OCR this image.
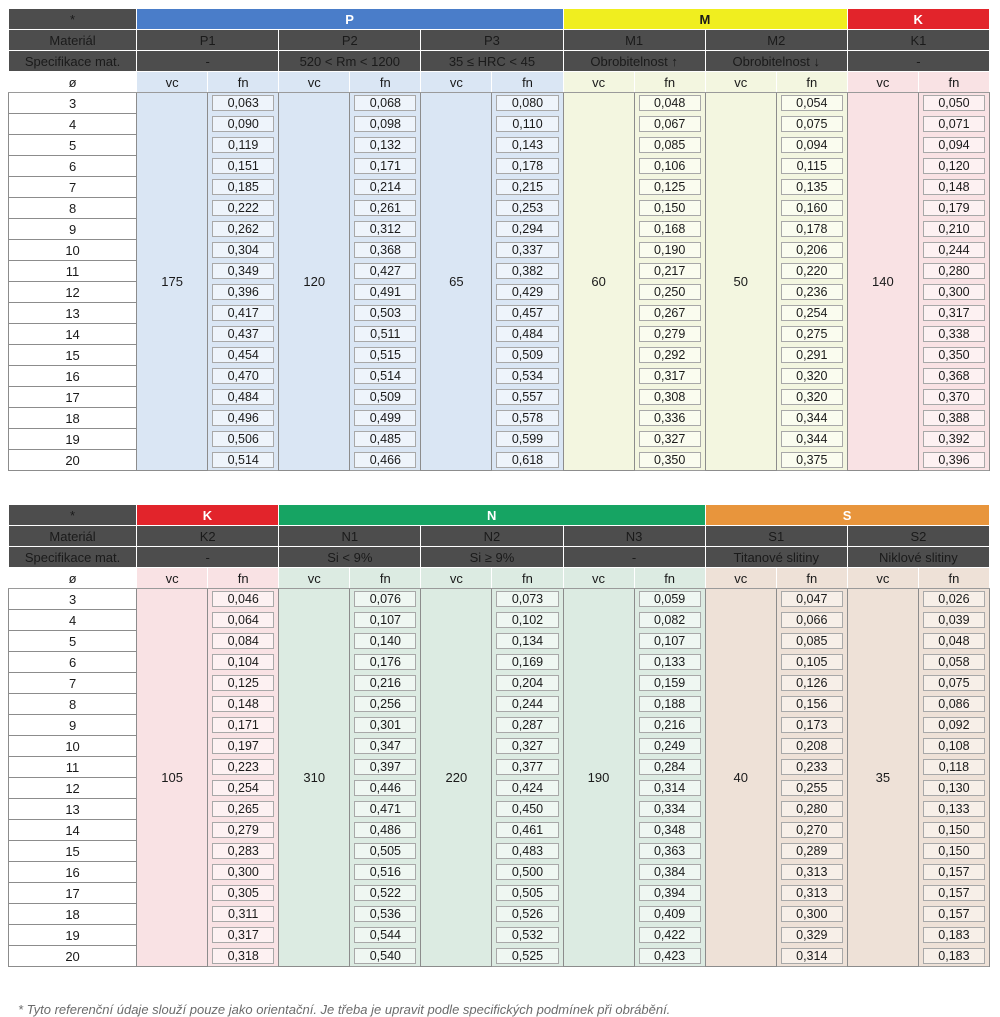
*	P						M				K	
Materiál	P1		P2		P3		M1		M2		K1	
Specifikace mat.	-		520 < Rm < 1200		35 ≤ HRC < 45		Obrobitelnost ↑		Obrobitelnost ↓		-	
ø	vc	fn	vc	fn	vc	fn	vc	fn	vc	fn	vc	fn
3	175	0,063	120	0,068	65	0,080	60	0,048	50	0,054	140	0,050

4		0,090		0,098		0,110		0,067		0,075		0,071

5		0,119		0,132		0,143		0,085		0,094		0,094

6		0,151		0,171		0,178		0,106		0,115		0,120

7		0,185		0,214		0,215		0,125		0,135		0,148

8		0,222		0,261		0,253		0,150		0,160		0,179

9		0,262		0,312		0,294		0,168		0,178		0,210

10		0,304		0,368		0,337		0,190		0,206		0,244

11		0,349		0,427		0,382		0,217		0,220		0,280

12		0,396		0,491		0,429		0,250		0,236		0,300

13		0,417		0,503		0,457		0,267		0,254		0,317

14		0,437		0,511		0,484		0,279		0,275		0,338

15		0,454		0,515		0,509		0,292		0,291		0,350

16		0,470		0,514		0,534		0,317		0,320		0,368

17		0,484		0,509		0,557		0,308		0,320		0,370

18		0,496		0,499		0,578		0,336		0,344		0,388

19		0,506		0,485		0,599		0,327		0,344		0,392

20		0,514		0,466		0,618		0,350		0,375		0,396
*	K		N						S			
Materiál	K2		N1		N2		N3		S1		S2	
Specifikace mat.	-		Si < 9%		Si ≥ 9%		-		Titanové slitiny		Niklové slitiny	
ø	vc	fn	vc	fn	vc	fn	vc	fn	vc	fn	vc	fn
3	105	0,046	310	0,076	220	0,073	190	0,059	40	0,047	35	0,026

4		0,064		0,107		0,102		0,082		0,066		0,039

5		0,084		0,140		0,134		0,107		0,085		0,048

6		0,104		0,176		0,169		0,133		0,105		0,058

7		0,125		0,216		0,204		0,159		0,126		0,075

8		0,148		0,256		0,244		0,188		0,156		0,086

9		0,171		0,301		0,287		0,216		0,173		0,092

10		0,197		0,347		0,327		0,249		0,208		0,108

11		0,223		0,397		0,377		0,284		0,233		0,118

12		0,254		0,446		0,424		0,314		0,255		0,130

13		0,265		0,471		0,450		0,334		0,280		0,133

14		0,279		0,486		0,461		0,348		0,270		0,150

15		0,283		0,505		0,483		0,363		0,289		0,150

16		0,300		0,516		0,500		0,384		0,313		0,157

17		0,305		0,522		0,505		0,394		0,313		0,157

18		0,311		0,536		0,526		0,409		0,300		0,157

19		0,317		0,544		0,532		0,422		0,329		0,183

20		0,318		0,540		0,525		0,423		0,314		0,183
* Tyto referenční údaje slouží pouze jako orientační. Je třeba je upravit podle specifických podmínek při obrábění.
